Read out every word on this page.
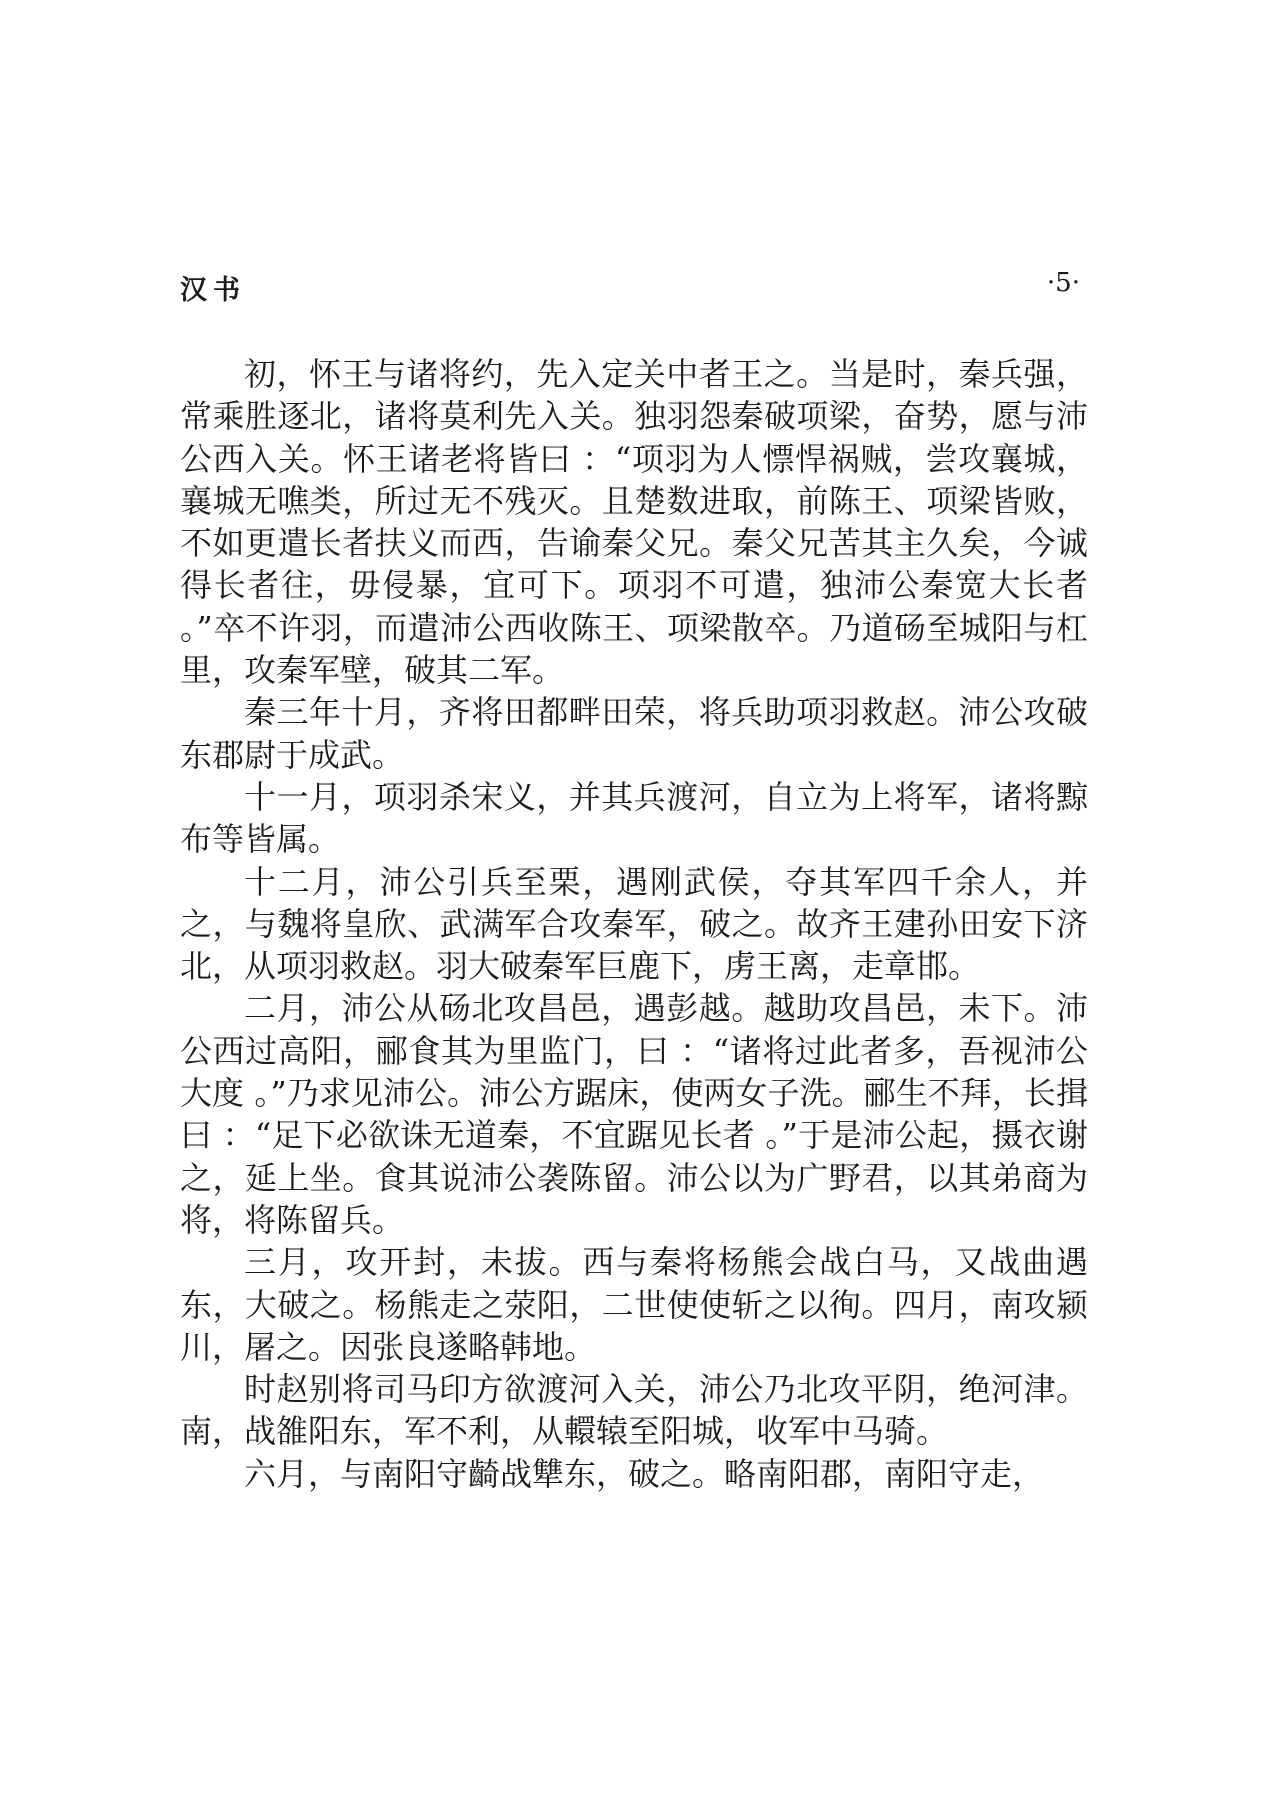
汉书	·5·

初，怀王与诸将约，先入定关中者王之。当是时，秦兵强，常乘胜逐北，诸将莫利先入关。独羽怨秦破项梁，奋势，愿与沛公西入关。怀王诸老将皆曰 ：“项羽为人慓悍祸贼，尝攻襄城，襄城无噍类，所过无不残灭。且楚数进取，前陈王、项梁皆败，不如更遣长者扶义而西，告谕秦父兄。秦父兄苦其主久矣，今诚得长者往，毋侵暴，宜可下。项羽不可遣，独沛公秦宽大长者 。”卒不许羽，而遣沛公西收陈王、项梁散卒。乃道砀至城阳与杠里，攻秦军壁，破其二军。

秦三年十月，齐将田都畔田荣，将兵助项羽救赵。沛公攻破东郡尉于成武。

十一月，项羽杀宋义，并其兵渡河，自立为上将军，诸将黥布等皆属。

十二月，沛公引兵至栗，遇刚武侯，夺其军四千余人，并之，与魏将皇欣、武满军合攻秦军，破之。故齐王建孙田安下济北，从项羽救赵。羽大破秦军巨鹿下，虏王离，走章邯。

二月，沛公从砀北攻昌邑，遇彭越。越助攻昌邑，未下。沛公西过高阳，郦食其为里监门，曰 ：“诸将过此者多，吾视沛公大度 。”乃求见沛公。沛公方踞床，使两女子洗。郦生不拜，长揖曰 ：“足下必欲诛无道秦，不宜踞见长者 。”于是沛公起，摄衣谢之，延上坐。食其说沛公袭陈留。沛公以为广野君，以其弟商为将，将陈留兵。

三月，攻开封，未拔。西与秦将杨熊会战白马，又战曲遇东，大破之。杨熊走之荥阳，二世使使斩之以徇。四月，南攻颍川，屠之。因张良遂略韩地。

时赵别将司马印方欲渡河入关，沛公乃北攻平阴，绝河津。南，战雒阳东，军不利，从轘辕至阳城，收军中马骑。

六月，与南阳守齮战犨东，破之。略南阳郡，南阳守走，
